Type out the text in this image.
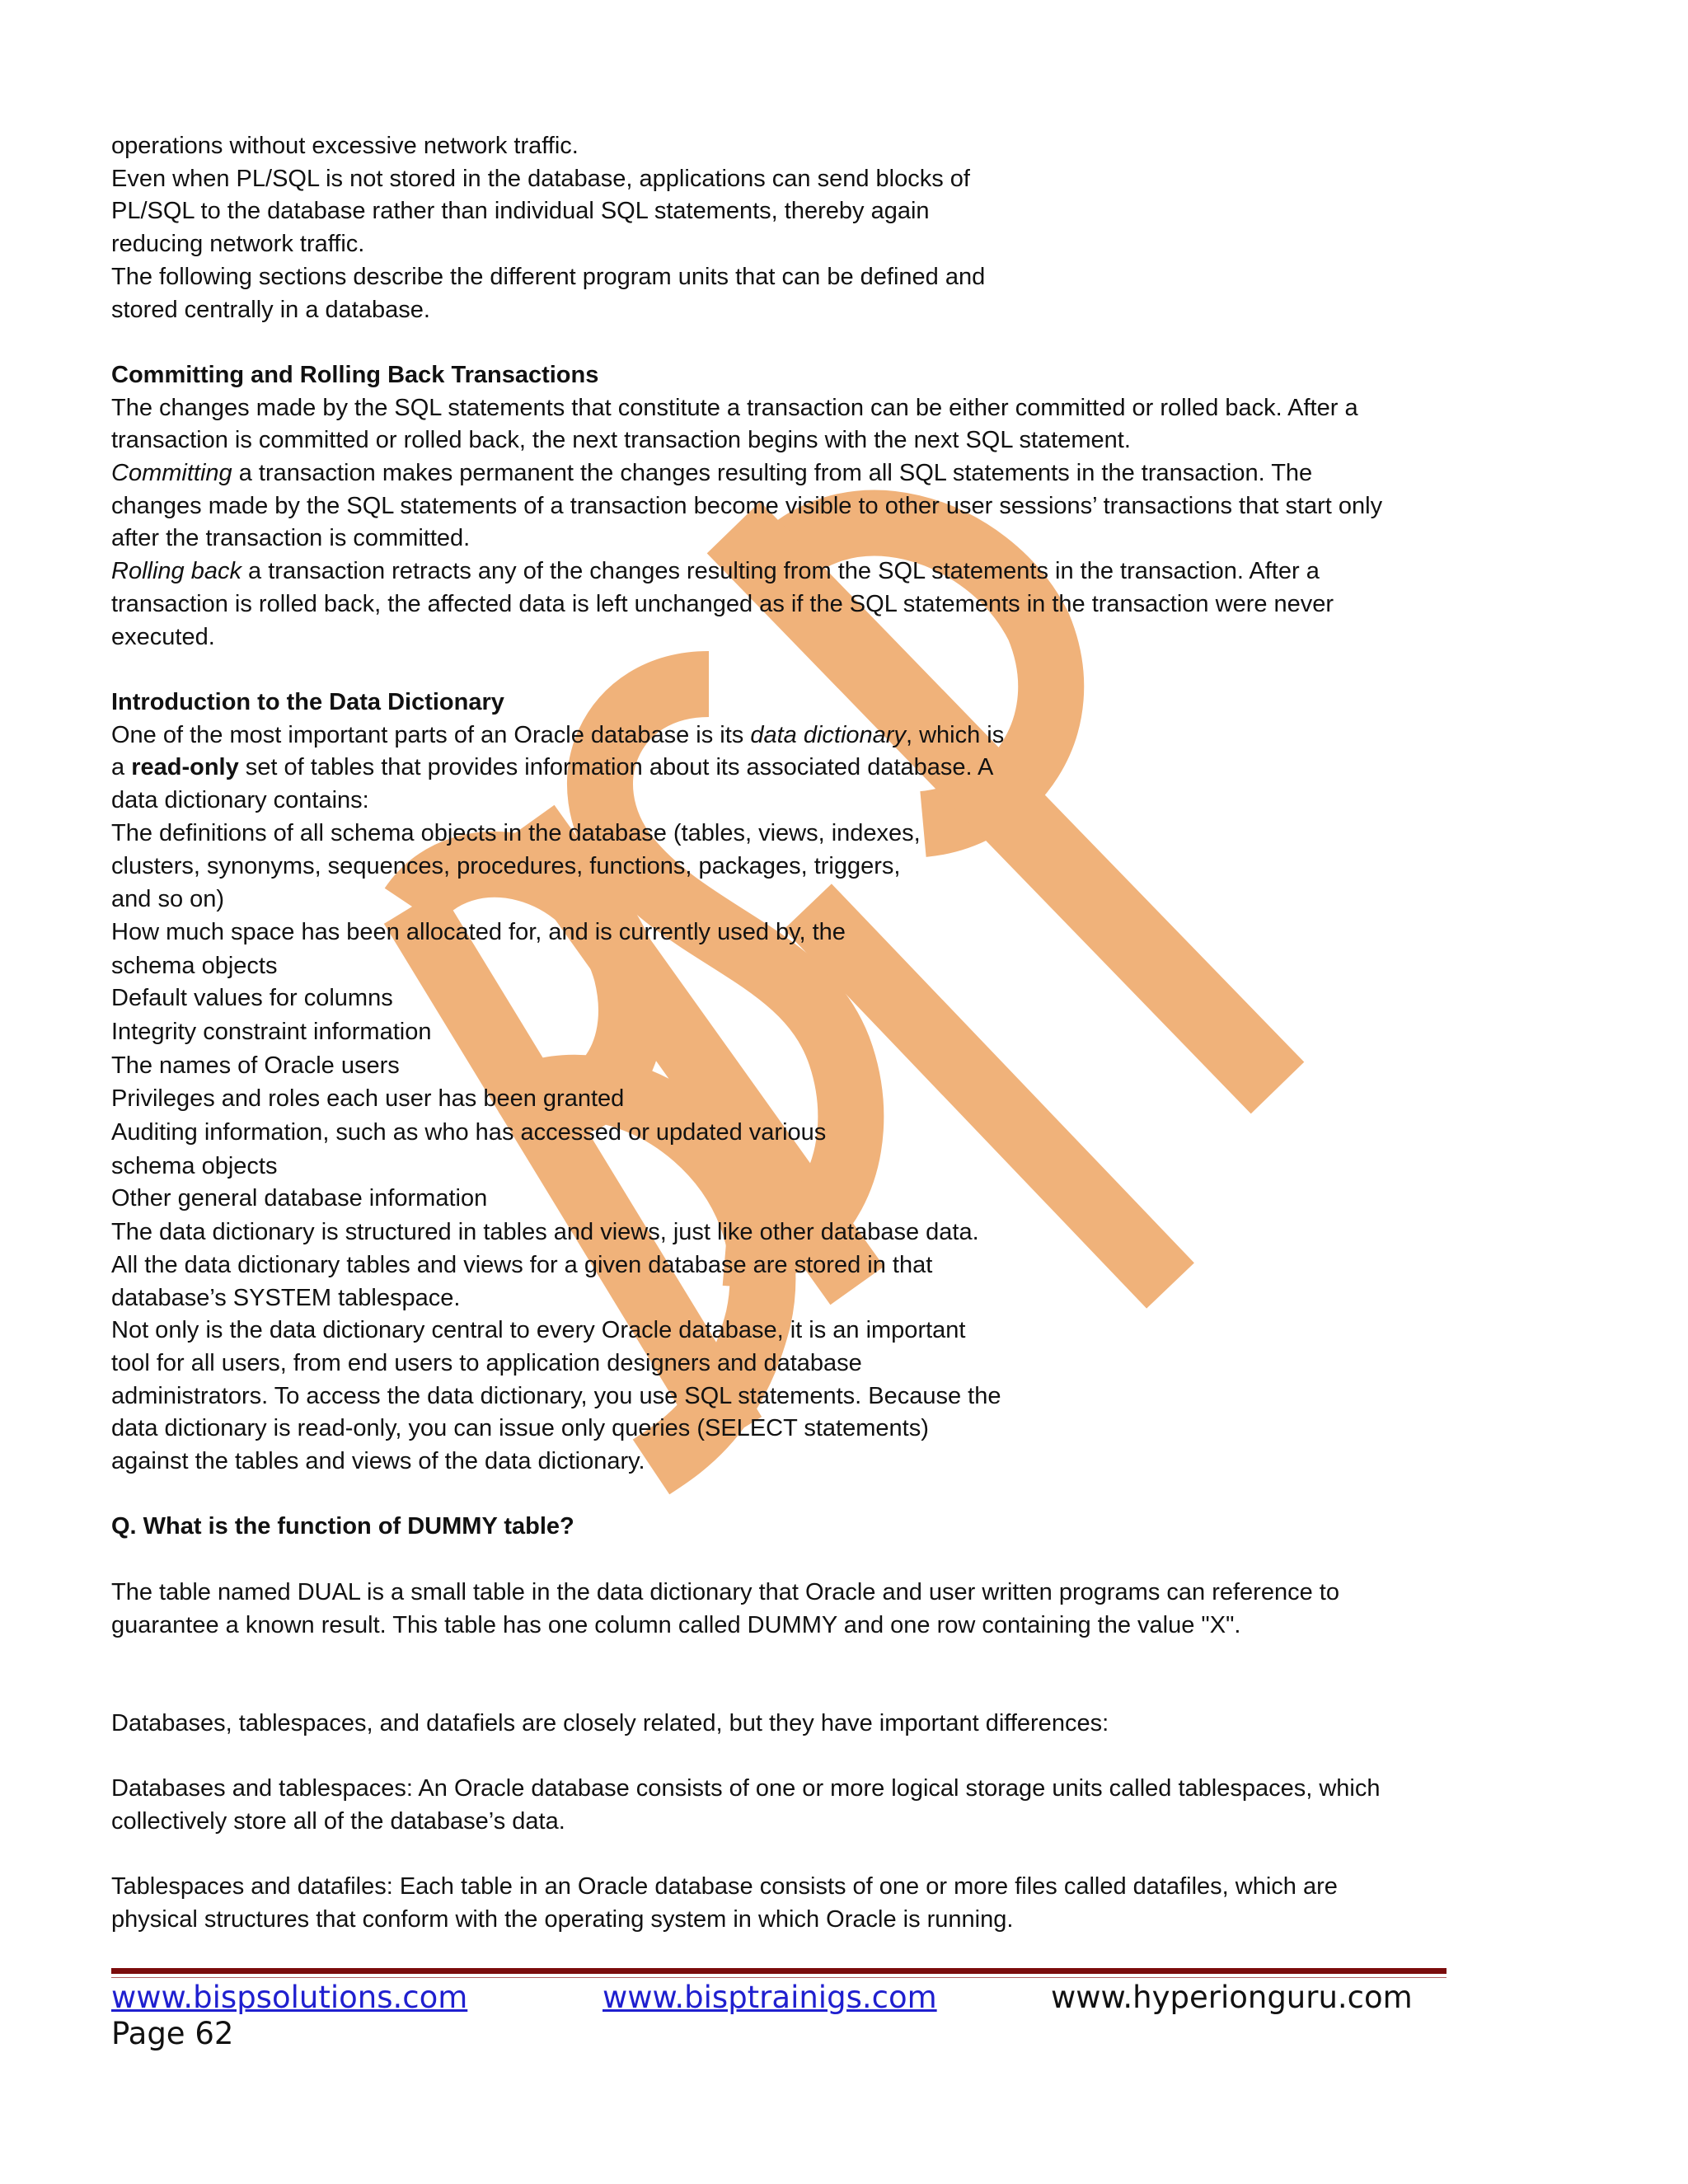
operations without excessive network traffic.

Even when PL/SQL is not stored in the database, applications can send blocks of

PL/SQL to the database rather than individual SQL statements, thereby again

reducing network traffic.

The following sections describe the different program units that can be defined and

stored centrally in a database.

Committing and Rolling Back Transactions

The changes made by the SQL statements that constitute a transaction can be either committed or rolled back. After a

transaction is committed or rolled back, the next transaction begins with the next SQL statement.

Committing a transaction makes permanent the changes resulting from all SQL statements in the transaction. The

changes made by the SQL statements of a transaction become visible to other user sessions’ transactions that start only

after the transaction is committed.

Rolling back a transaction retracts any of the changes resulting from the SQL statements in the transaction. After a

transaction is rolled back, the affected data is left unchanged as if the SQL statements in the transaction were never

executed.

Introduction to the Data Dictionary

One of the most important parts of an Oracle database is its data dictionary, which is

a read-only set of tables that provides information about its associated database. A

data dictionary contains:

The definitions of all schema objects in the database (tables, views, indexes,

clusters, synonyms, sequences, procedures, functions, packages, triggers,

and so on)

How much space has been allocated for, and is currently used by, the

schema objects

Default values for columns

Integrity constraint information

The names of Oracle users

Privileges and roles each user has been granted

Auditing information, such as who has accessed or updated various

schema objects

Other general database information

The data dictionary is structured in tables and views, just like other database data.

All the data dictionary tables and views for a given database are stored in that

database’s SYSTEM tablespace.

Not only is the data dictionary central to every Oracle database, it is an important

tool for all users, from end users to application designers and database

administrators. To access the data dictionary, you use SQL statements. Because the

data dictionary is read-only, you can issue only queries (SELECT statements)

against the tables and views of the data dictionary.

Q. What is the function of DUMMY table?

The table named DUAL is a small table in the data dictionary that Oracle and user written programs can reference to

guarantee a known result. This table has one column called DUMMY and one row containing the value "X".

Databases, tablespaces, and datafiels are closely related, but they have important differences:

Databases and tablespaces: An Oracle database consists of one or more logical storage units called tablespaces, which

collectively store all of the database’s data.

Tablespaces and datafiles: Each table in an Oracle database consists of one or more files called datafiles, which are

physical structures that conform with the operating system in which Oracle is running.

www.bispsolutions.com	www.bisptrainigs.com	www.hyperionguru.com
Page 62
